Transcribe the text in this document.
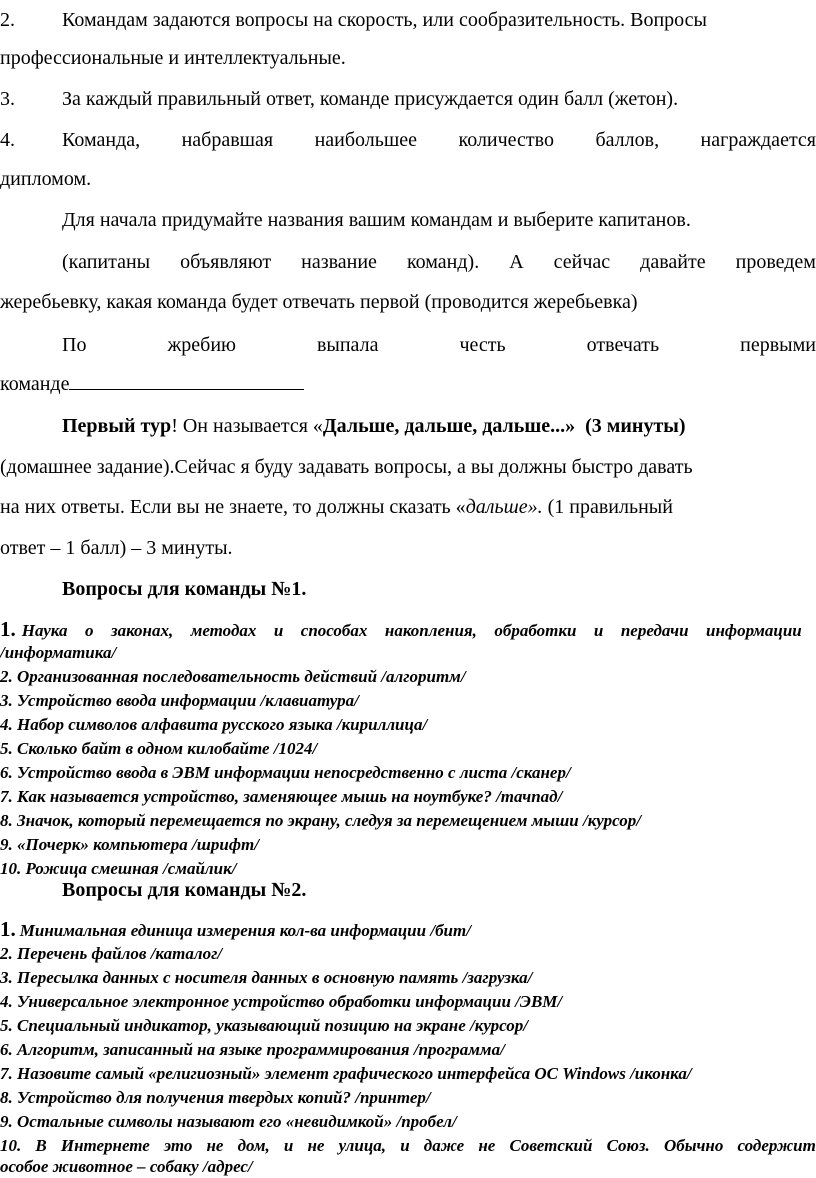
2. Командам задаются вопросы на скорость, или сообразительность. Вопросы
профессиональные и интеллектуальные.
3. За каждый правильный ответ, команде присуждается один балл (жетон).
4. Команда, набравшая наибольшее количество баллов, награждается
дипломом.
Для начала придумайте названия вашим командам и выберите капитанов.
(капитаны объявляют название команд). А сейчас давайте проведем
жеребьевку, какая команда будет отвечать первой (проводится жеребьевка)
По	жребию	выпала	честь	отвечать	первыми
команде
Первый тур! Он называется «Дальше, дальше, дальше...» (3 минуты)
(домашнее задание).Сейчас я буду задавать вопросы, а вы должны быстро давать
на них ответы. Если вы не знаете, то должны сказать «дальше». (1 правильный
ответ – 1 балл) – 3 минуты.
Вопросы для команды №1.
1. Наука о законах, методах и способах накопления, обработки и передачи информации
/информатика/
2. Организованная последовательность действий /алгоритм/
3. Устройство ввода информации /клавиатура/
4. Набор символов алфавита русского языка /кириллица/
5. Сколько байт в одном килобайте /1024/
6. Устройство ввода в ЭВМ информации непосредственно с листа /сканер/
7. Как называется устройство, заменяющее мышь на ноутбуке? /тачпад/
8. Значок, который перемещается по экрану, следуя за перемещением мыши /курсор/
9. «Почерк» компьютера /шрифт/
10. Рожица смешная /смайлик/
Вопросы для команды №2.
1. Минимальная единица измерения кол-ва информации /бит/
2. Перечень файлов /каталог/
3. Пересылка данных с носителя данных в основную память /загрузка/
4. Универсальное электронное устройство обработки информации /ЭВМ/
5. Специальный индикатор, указывающий позицию на экране /курсор/
6. Алгоритм, записанный на языке программирования /программа/
7. Назовите самый «религиозный» элемент графического интерфейса ОС Windows /иконка/
8. Устройство для получения твердых копий? /принтер/
9. Остальные символы называют его «невидимкой» /пробел/
10. В Интернете это не дом, и не улица, и даже не Советский Союз. Обычно содержит
особое животное – собаку /адрес/
